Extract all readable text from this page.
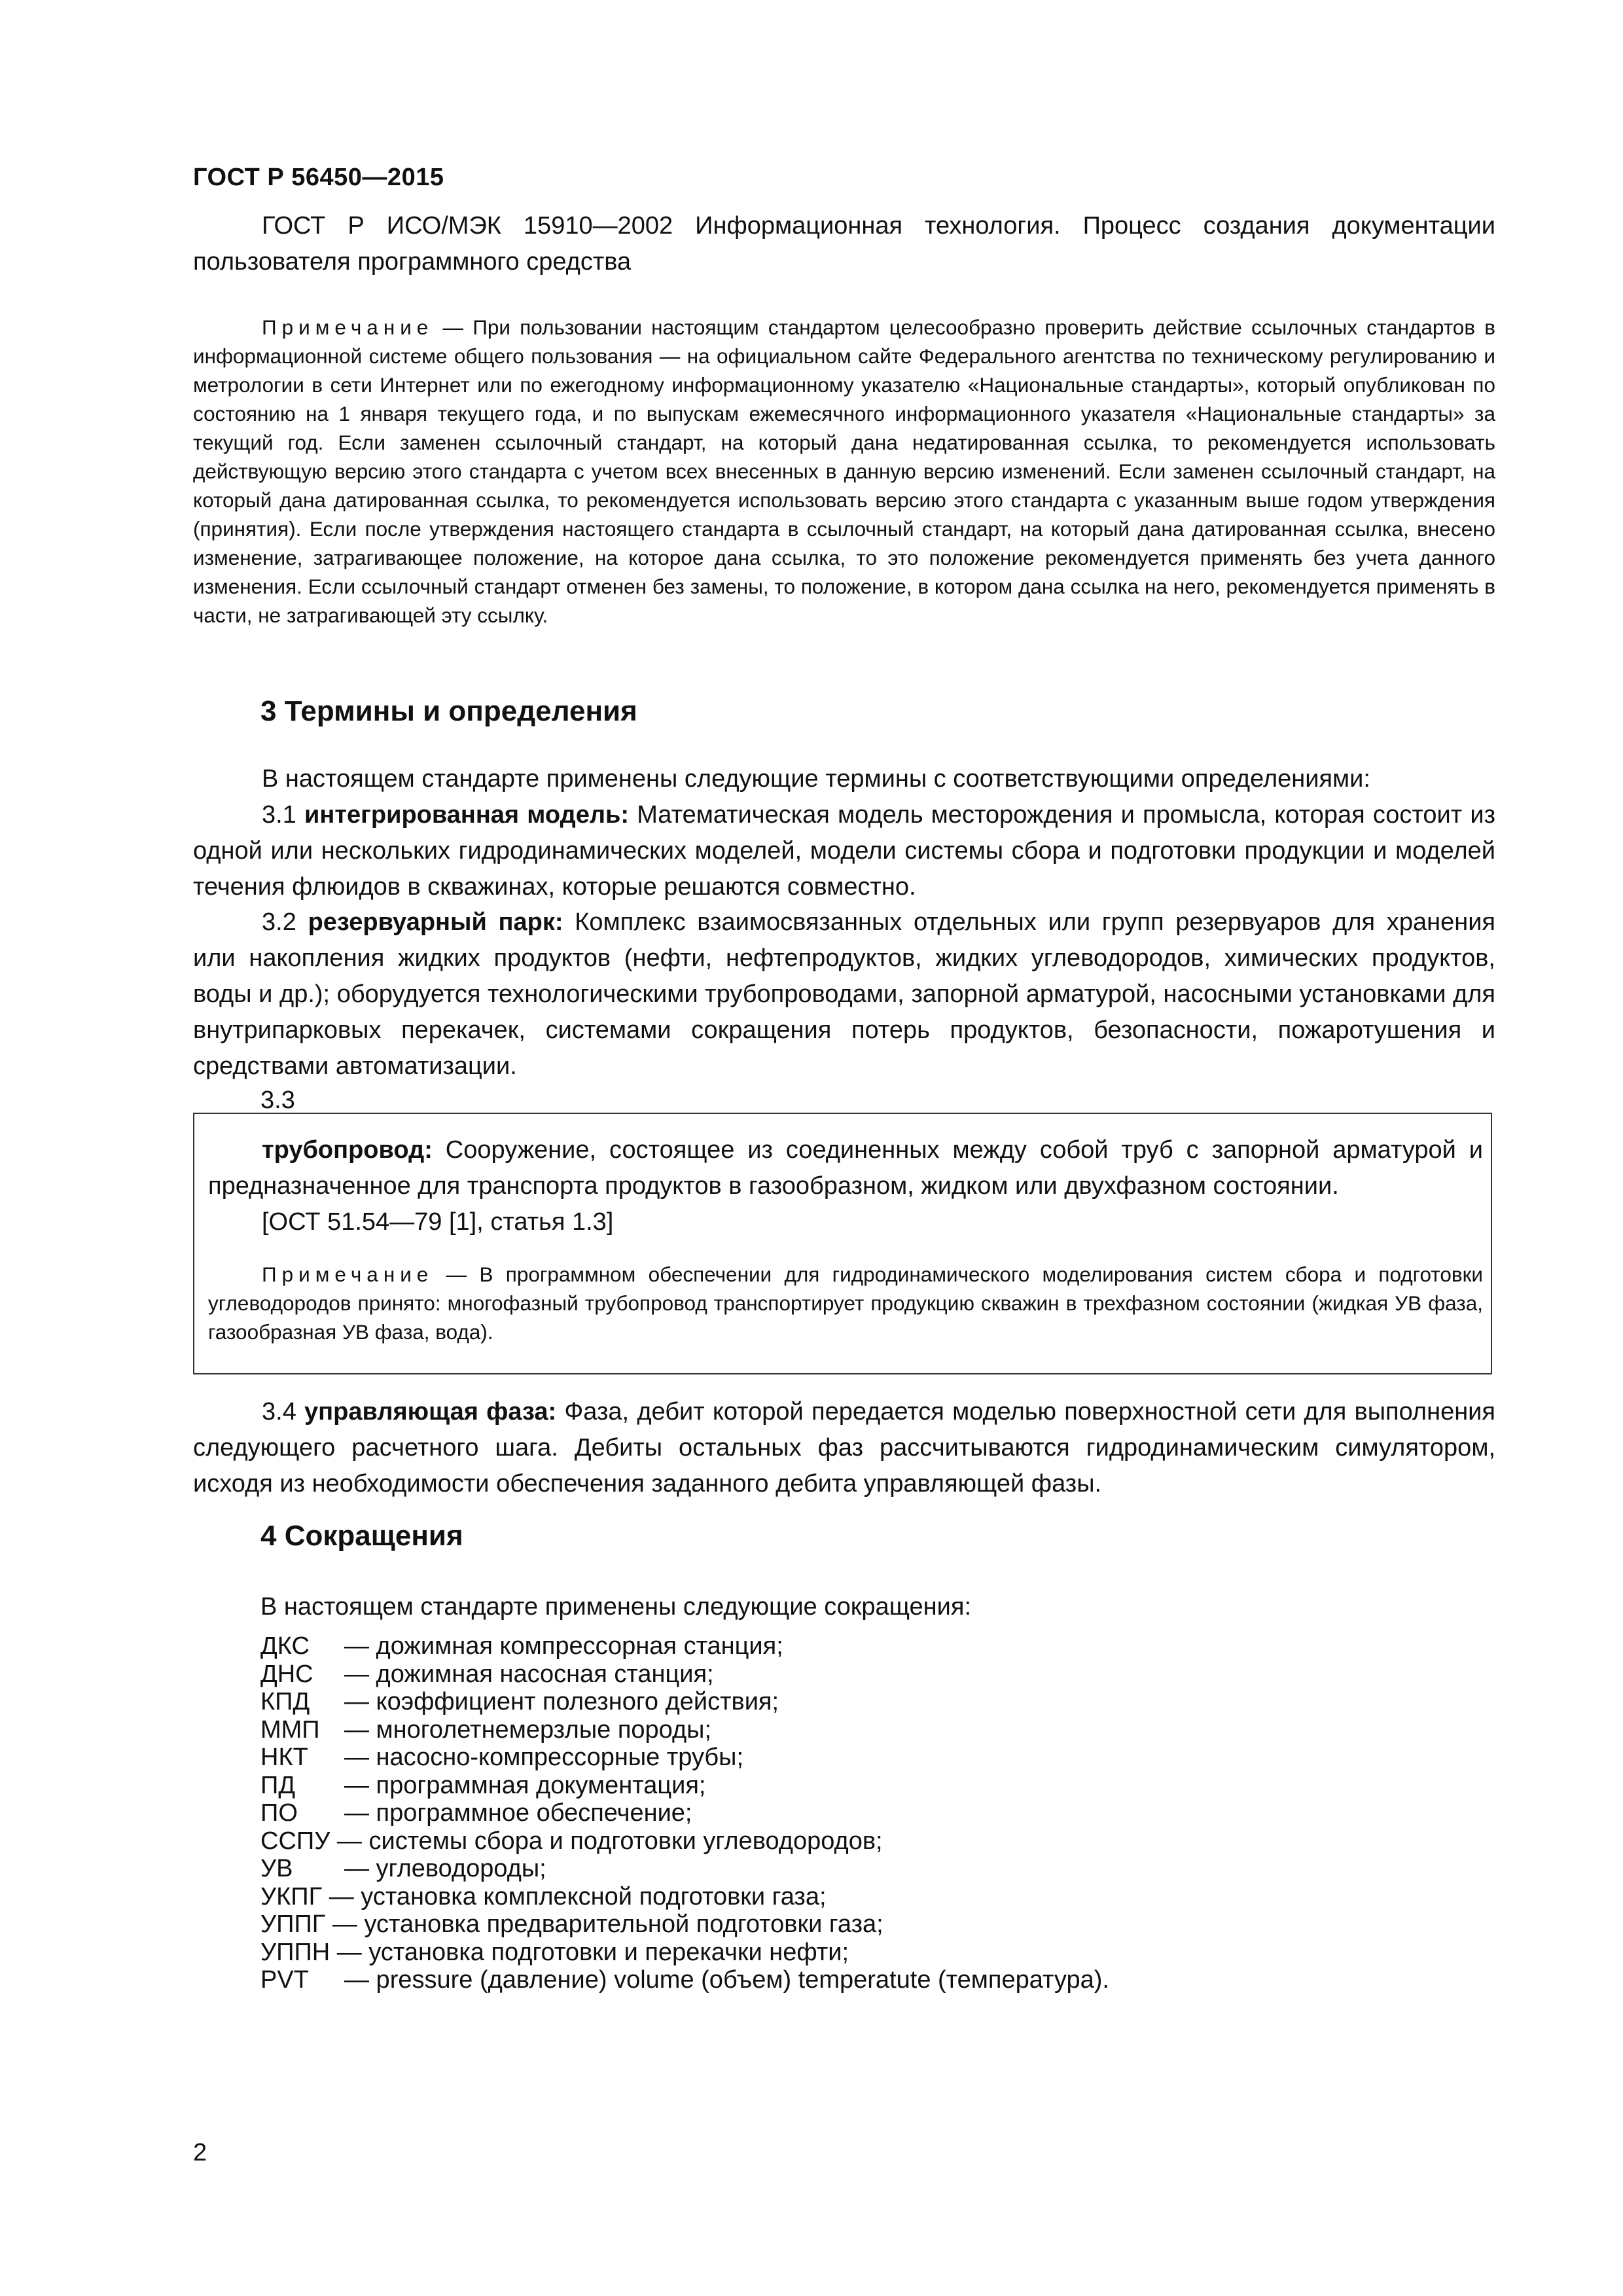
ГОСТ Р 56450—2015

ГОСТ Р ИСО/МЭК 15910—2002 Информационная технология. Процесс создания документации пользователя программного средства

Примечание — При пользовании настоящим стандартом целесообразно проверить действие ссылочных стандартов в информационной системе общего пользования — на официальном сайте Федерального агентства по техническому регулированию и метрологии в сети Интернет или по ежегодному информационному указателю «Национальные стандарты», который опубликован по состоянию на 1 января текущего года, и по выпускам ежемесячного информационного указателя «Национальные стандарты» за текущий год. Если заменен ссылочный стандарт, на который дана недатированная ссылка, то рекомендуется использовать действующую версию этого стандарта с учетом всех внесенных в данную версию изменений. Если заменен ссылочный стандарт, на который дана датированная ссылка, то рекомендуется использовать версию этого стандарта с указанным выше годом утверждения (принятия). Если после утверждения настоящего стандарта в ссылочный стандарт, на который дана датированная ссылка, внесено изменение, затрагивающее положение, на которое дана ссылка, то это положение рекомендуется применять без учета данного изменения. Если ссылочный стандарт отменен без замены, то положение, в котором дана ссылка на него, рекомендуется применять в части, не затрагивающей эту ссылку.

3 Термины и определения

В настоящем стандарте применены следующие термины с соответствующими определениями:

3.1 интегрированная модель: Математическая модель месторождения и промысла, которая состоит из одной или нескольких гидродинамических моделей, модели системы сбора и подготовки продукции и моделей течения флюидов в скважинах, которые решаются совместно.

3.2 резервуарный парк: Комплекс взаимосвязанных отдельных или групп резервуаров для хранения или накопления жидких продуктов (нефти, нефтепродуктов, жидких углеводородов, химических продуктов, воды и др.); оборудуется технологическими трубопроводами, запорной арматурой, насосными установками для внутрипарковых перекачек, системами сокращения потерь продуктов, безопасности, пожаротушения и средствами автоматизации.

3.3

трубопровод: Сооружение, состоящее из соединенных между собой труб с запорной арматурой и предназначенное для транспорта продуктов в газообразном, жидком или двухфазном состоянии.

[ОСТ 51.54—79 [1], статья 1.3]

Примечание — В программном обеспечении для гидродинамического моделирования систем сбора и подготовки углеводородов принято: многофазный трубопровод транспортирует продукцию скважин в трехфазном состоянии (жидкая УВ фаза, газообразная УВ фаза, вода).

3.4 управляющая фаза: Фаза, дебит которой передается моделью поверхностной сети для выполнения следующего расчетного шага. Дебиты остальных фаз рассчитываются гидродинамическим симулятором, исходя из необходимости обеспечения заданного дебита управляющей фазы.

4 Сокращения
В настоящем стандарте применены следующие сокращения:
ДКС — дожимная компрессорная станция;
ДНС — дожимная насосная станция;
КПД — коэффициент полезного действия;
ММП — многолетнемерзлые породы;
НКТ — насосно-компрессорные трубы;
ПД — программная документация;
ПО — программное обеспечение;
ССПУ — системы сбора и подготовки углеводородов;
УВ — углеводороды;
УКПГ — установка комплексной подготовки газа;
УППГ — установка предварительной подготовки газа;
УППН — установка подготовки и перекачки нефти;
PVT — pressure (давление) volume (объем) temperatute (температура).
2
